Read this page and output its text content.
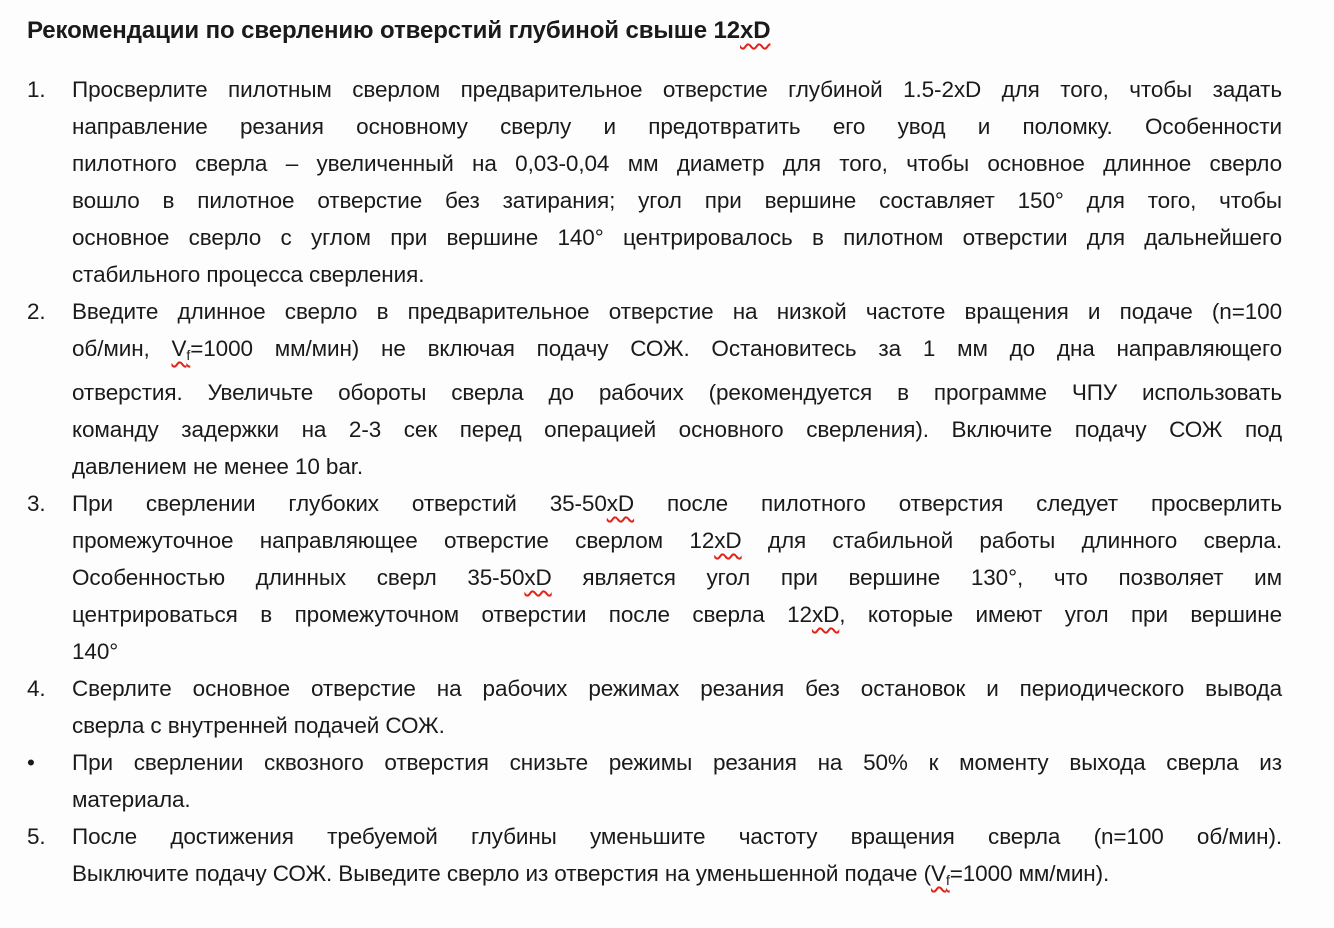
Рекомендации по сверлению отверстий глубиной свыше 12xD
1.	Просверлите пилотным сверлом предварительное отверстие глубиной 1.5-2xD для того, чтобы задать
направление резания основному сверлу и предотвратить его увод и поломку. Особенности
пилотного сверла – увеличенный на 0,03-0,04 мм диаметр для того, чтобы основное длинное сверло
вошло в пилотное отверстие без затирания; угол при вершине составляет 150° для того, чтобы
основное сверло с углом при вершине 140° центрировалось в пилотном отверстии для дальнейшего
стабильного процесса сверления.
2.	Введите длинное сверло в предварительное отверстие на низкой частоте вращения и подаче (n=100
об/мин, $V_f=1000$ мм/мин) не включая подачу СОЖ. Остановитесь за 1 мм до дна направляющего
отверстия. Увеличьте обороты сверла до рабочих (рекомендуется в программе ЧПУ использовать
команду задержки на 2-3 сек перед операцией основного сверления). Включите подачу СОЖ под
давлением не менее 10 bar.
3.	При сверлении глубоких отверстий 35-50xD после пилотного отверстия следует просверлить
промежуточное направляющее отверстие сверлом 12xD для стабильной работы длинного сверла.
Особенностью длинных сверл 35-50xD является угол при вершине 130°, что позволяет им
центрироваться в промежуточном отверстии после сверла 12xD, которые имеют угол при вершине
140°
4.	Сверлите основное отверстие на рабочих режимах резания без остановок и периодического вывода
сверла с внутренней подачей СОЖ.
•	При сверлении сквозного отверстия снизьте режимы резания на 50% к моменту выхода сверла из
материала.
5.	После достижения требуемой глубины уменьшите частоту вращения сверла (n=100 об/мин).
Выключите подачу СОЖ. Выведите сверло из отверстия на уменьшенной подаче ($V_f=1000$ мм/мин).
